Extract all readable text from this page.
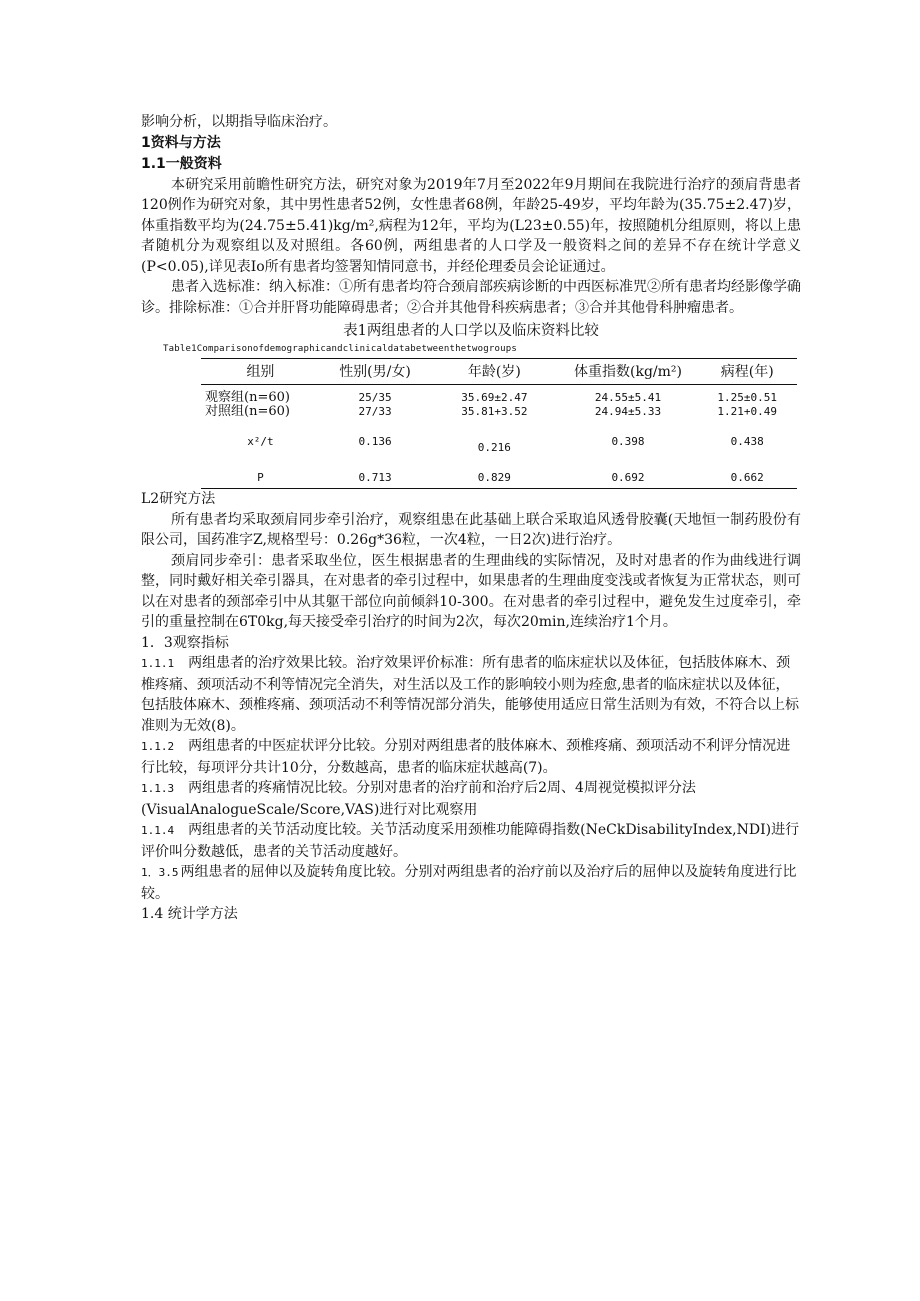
影响分析，以期指导临床治疗。

1资料与方法

1.1一般资料

本研究采用前瞻性研究方法，研究对象为2019年7月至2022年9月期间在我院进行治疗的颈肩背患者120例作为研究对象，其中男性患者52例，女性患者68例，年龄25-49岁，平均年龄为(35.75±2.47)岁，体重指数平均为(24.75±5.41)kg/m²,病程为12年，平均为(L23±0.55)年，按照随机分组原则，将以上患者随机分为观察组以及对照组。各60例，两组患者的人口学及一般资料之间的差异不存在统计学意义(P<0.05),详见表Io所有患者均签署知情同意书，并经伦理委员会论证通过。

患者入选标准：纳入标准：①所有患者均符合颈肩部疾病诊断的中西医标准咒②所有患者均经影像学确诊。排除标准：①合并肝肾功能障碍患者；②合并其他骨科疾病患者；③合并其他骨科肿瘤患者。

表1两组患者的人口学以及临床资料比较

Table1Comparisonofdemographicandclinicaldatabetweenthetwogroups

组别	性别(男/女)	年龄(岁)	体重指数(kg/m²)	病程(年)

观察组(n=60)	25/35	35.69±2.47	24.55±5.41	1.25±0.51
对照组(n=60)	27/33	35.81+3.52	24.94±5.33	1.21+0.49

x²/t	0.136	0.216	0.398	0.438

P	0.713	0.829	0.692	0.662

L2研究方法

所有患者均采取颈肩同步牵引治疗，观察组患在此基础上联合采取追风透骨胶囊(天地恒一制药股份有限公司，国药准字Z,规格型号：0.26g*36粒，一次4粒，一日2次)进行治疗。

颈肩同步牵引：患者采取坐位，医生根据患者的生理曲线的实际情况，及时对患者的作为曲线进行调整，同时戴好相关牵引器具，在对患者的牵引过程中，如果患者的生理曲度变浅或者恢复为正常状态，则可以在对患者的颈部牵引中从其躯干部位向前倾斜10-300。在对患者的牵引过程中，避免发生过度牵引，牵引的重量控制在6T0kg,每天接受牵引治疗的时间为2次，每次20min,连续治疗1个月。

1．3观察指标

1.1.1 两组患者的治疗效果比较。治疗效果评价标准：所有患者的临床症状以及体征，包括肢体麻木、颈椎疼痛、颈项活动不利等情况完全消失，对生活以及工作的影响较小则为痊愈,患者的临床症状以及体征，包括肢体麻木、颈椎疼痛、颈项活动不利等情况部分消失，能够使用适应日常生活则为有效，不符合以上标准则为无效(8)。

1.1.2 两组患者的中医症状评分比较。分别对两组患者的肢体麻木、颈椎疼痛、颈项活动不利评分情况进行比较，每项评分共计10分，分数越高，患者的临床症状越高(7)。

1.1.3 两组患者的疼痛情况比较。分别对患者的治疗前和治疗后2周、4周视觉模拟评分法(VisualAnalogueScale/Score,VAS)进行对比观察用

1.1.4 两组患者的关节活动度比较。关节活动度采用颈椎功能障碍指数(NeCkDisabilityIndex,NDI)进行评价叫分数越低，患者的关节活动度越好。

1．3.5 两组患者的屈伸以及旋转角度比较。分别对两组患者的治疗前以及治疗后的屈伸以及旋转角度进行比较。

1.4 统计学方法
